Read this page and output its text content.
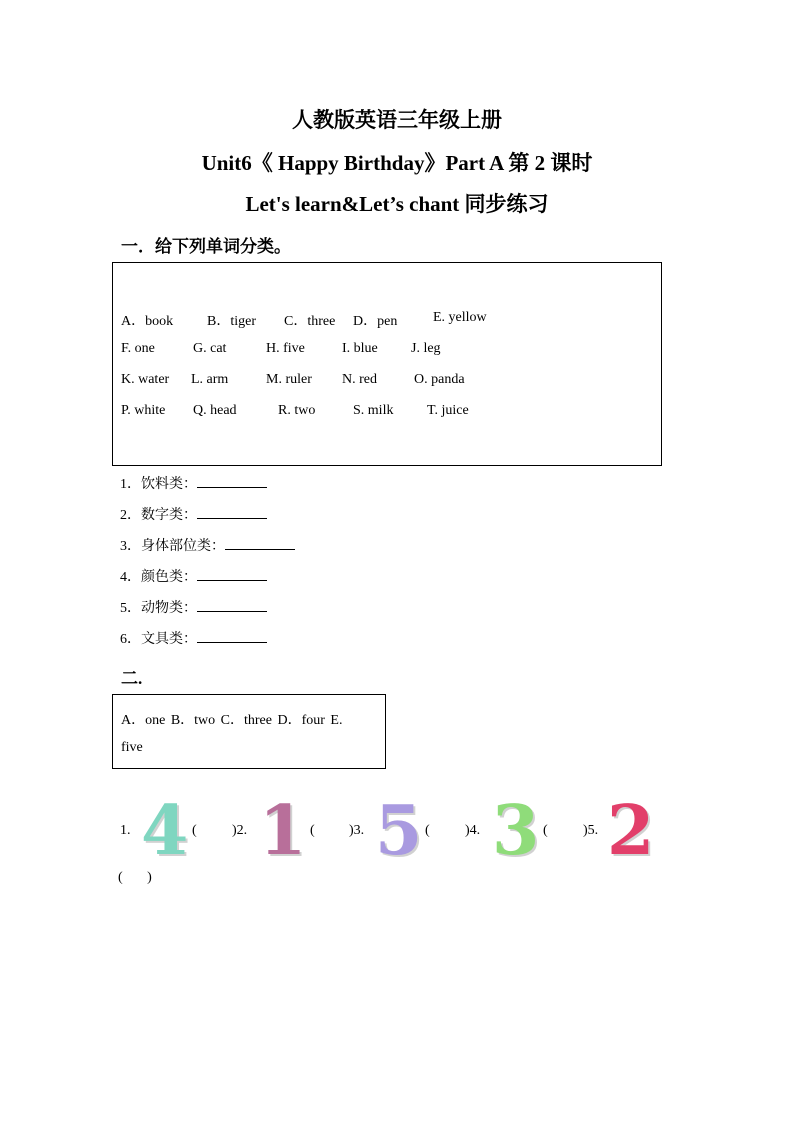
人教版英语三年级上册
Unit6《 Happy Birthday》Part A 第 2 课时
Let's learn&Let’s chant 同步练习
一．给下列单词分类。
A．book B．tiger C．three D．pen	E. yellow
F. one	G. cat	H. five	I. blue J. leg
K. water L. arm	M. ruler N. red	O. panda
P. white Q. head	R. two	S. milk T. juice
1．饮料类：
2．数字类：
3．身体部位类：
4．颜色类：
5．动物类：
6．文具类：
二.
A．one B．two C．three D．four E.
five
1. 4 (	)2. 1 ( )3. 5 (	)4. 3 (	)5. 2
(       )
